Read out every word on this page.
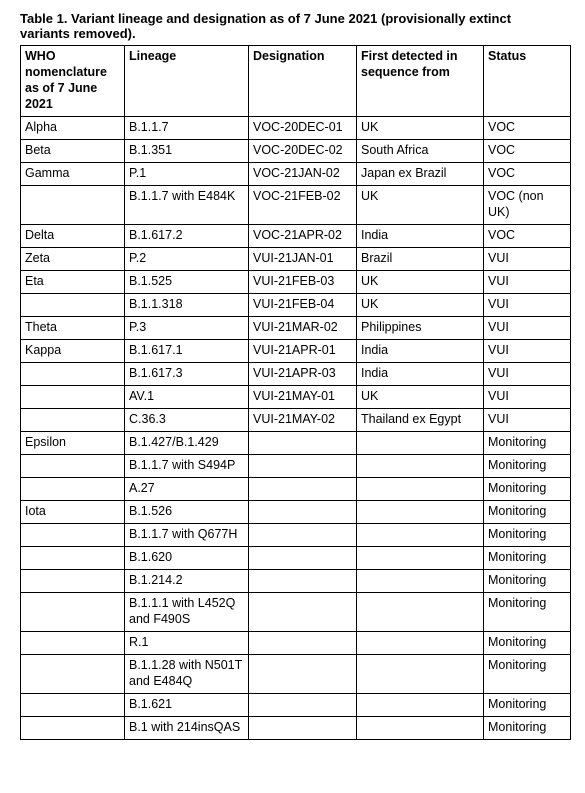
Table 1. Variant lineage and designation as of 7 June 2021 (provisionally extinct variants removed).
WHO nomenclature as of 7 June 2021	Lineage	Designation	First detected in sequence from	Status
Alpha	B.1.1.7	VOC-20DEC-01	UK	VOC
Beta	B.1.351	VOC-20DEC-02	South Africa	VOC
Gamma	P.1	VOC-21JAN-02	Japan ex Brazil	VOC
	B.1.1.7 with E484K	VOC-21FEB-02	UK	VOC (non UK)
Delta	B.1.617.2	VOC-21APR-02	India	VOC
Zeta	P.2	VUI-21JAN-01	Brazil	VUI
Eta	B.1.525	VUI-21FEB-03	UK	VUI
	B.1.1.318	VUI-21FEB-04	UK	VUI
Theta	P.3	VUI-21MAR-02	Philippines	VUI
Kappa	B.1.617.1	VUI-21APR-01	India	VUI
	B.1.617.3	VUI-21APR-03	India	VUI
	AV.1	VUI-21MAY-01	UK	VUI
	C.36.3	VUI-21MAY-02	Thailand ex Egypt	VUI
Epsilon	B.1.427/B.1.429			Monitoring
	B.1.1.7 with S494P			Monitoring
	A.27			Monitoring
Iota	B.1.526			Monitoring
	B.1.1.7 with Q677H			Monitoring
	B.1.620			Monitoring
	B.1.214.2			Monitoring
	B.1.1.1 with L452Q and F490S			Monitoring
	R.1			Monitoring
	B.1.1.28 with N501T and E484Q			Monitoring
	B.1.621			Monitoring
	B.1 with 214insQAS			Monitoring
